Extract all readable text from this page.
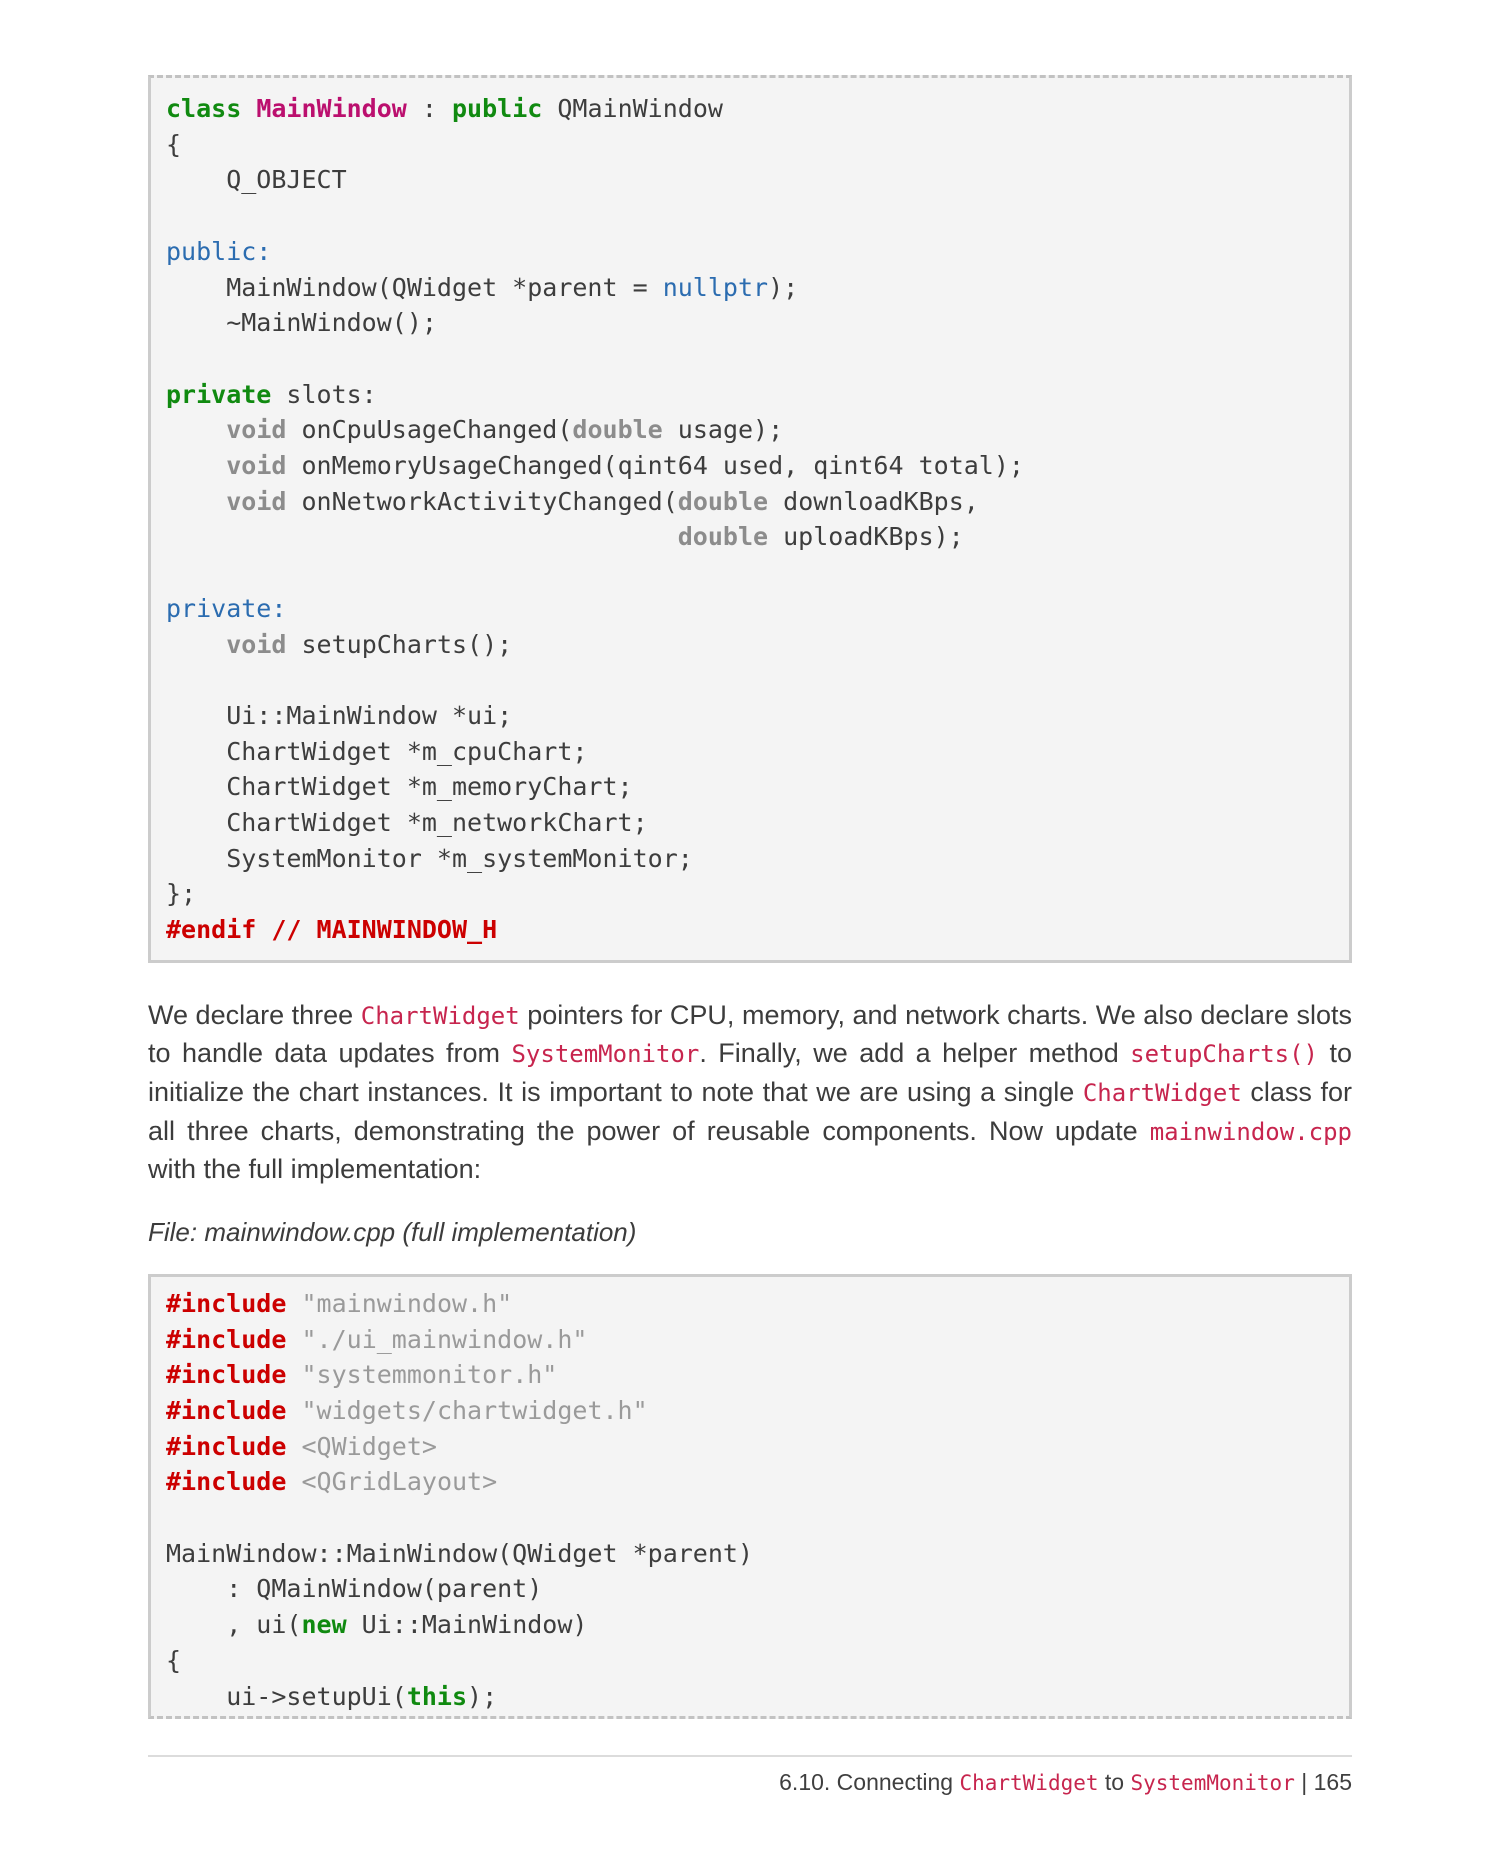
class MainWindow : public QMainWindow
{
Q_OBJECT

public:
MainWindow(QWidget *parent = nullptr);
~MainWindow();

private slots:
void onCpuUsageChanged(double usage);
void onMemoryUsageChanged(qint64 used, qint64 total);
void onNetworkActivityChanged(double downloadKBps,
double uploadKBps);

private:
void setupCharts();

Ui::MainWindow *ui;
ChartWidget *m_cpuChart;
ChartWidget *m_memoryChart;
ChartWidget *m_networkChart;
SystemMonitor *m_systemMonitor;
};
#endif // MAINWINDOW_H

We declare three ChartWidget pointers for CPU, memory, and network charts. We also declare slots to handle data updates from SystemMonitor. Finally, we add a helper method setupCharts() to initialize the chart instances. It is important to note that we are using a single ChartWidget class for all three charts, demonstrating the power of reusable components. Now update mainwindow.cpp with the full implementation:

File: mainwindow.cpp (full implementation)
#include "mainwindow.h"
#include "./ui_mainwindow.h"
#include "systemmonitor.h"
#include "widgets/chartwidget.h"
#include <QWidget>
#include <QGridLayout>

MainWindow::MainWindow(QWidget *parent)
: QMainWindow(parent)
, ui(new Ui::MainWindow)
{
ui->setupUi(this);
6.10. Connecting ChartWidget to SystemMonitor | 165
